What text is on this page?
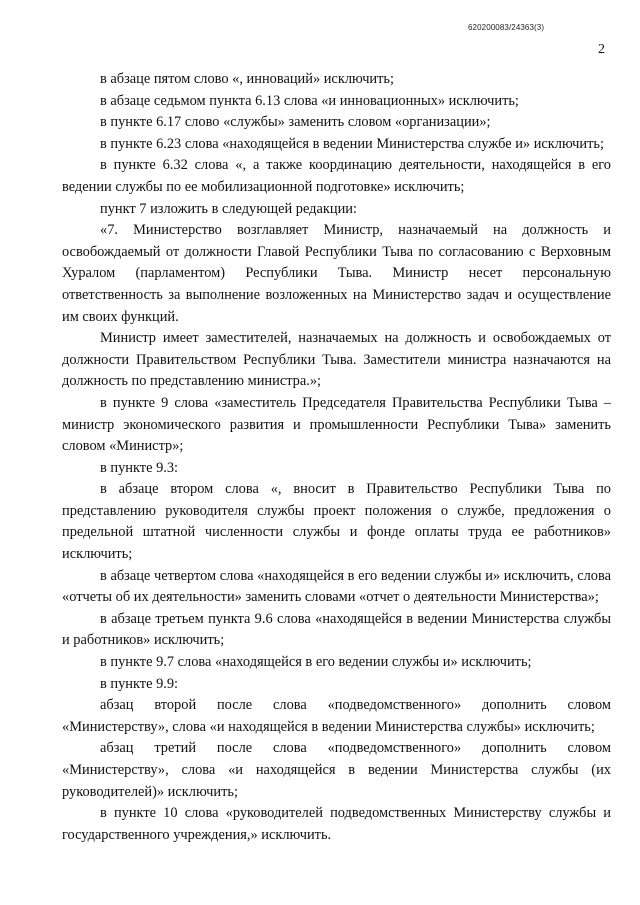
620200083/24363(3)
2

в абзаце пятом слово «, инноваций» исключить;

в абзаце седьмом пункта 6.13 слова «и инновационных» исключить;

в пункте 6.17 слово «службы» заменить словом «организации»;

в пункте 6.23 слова «находящейся в ведении Министерства службе и» исключить;

в пункте 6.32 слова «, а также координацию деятельности, находящейся в его ведении службы по ее мобилизационной подготовке» исключить;

пункт 7 изложить в следующей редакции:

«7. Министерство возглавляет Министр, назначаемый на должность и освобождаемый от должности Главой Республики Тыва по согласованию с Верховным Хуралом (парламентом) Республики Тыва. Министр несет персональную ответственность за выполнение возложенных на Министерство задач и осуществление им своих функций.

Министр имеет заместителей, назначаемых на должность и освобождаемых от должности Правительством Республики Тыва. Заместители министра назначаются на должность по представлению министра.»;

в пункте 9 слова «заместитель Председателя Правительства Республики Тыва – министр экономического развития и промышленности Республики Тыва» заменить словом «Министр»;

в пункте 9.3:

в абзаце втором слова «, вносит в Правительство Республики Тыва по представлению руководителя службы проект положения о службе, предложения о предельной штатной численности службы и фонде оплаты труда ее работников» исключить;

в абзаце четвертом слова «находящейся в его ведении службы и» исключить, слова «отчеты об их деятельности» заменить словами «отчет о деятельности Министерства»;

в абзаце третьем пункта 9.6 слова «находящейся в ведении Министерства службы и работников» исключить;

в пункте 9.7 слова «находящейся в его ведении службы и» исключить;

в пункте 9.9:

абзац второй после слова «подведомственного» дополнить словом «Министерству», слова «и находящейся в ведении Министерства службы» исключить;

абзац третий после слова «подведомственного» дополнить словом «Министерству», слова «и находящейся в ведении Министерства службы (их руководителей)» исключить;

в пункте 10 слова «руководителей подведомственных Министерству службы и государственного учреждения,» исключить.
